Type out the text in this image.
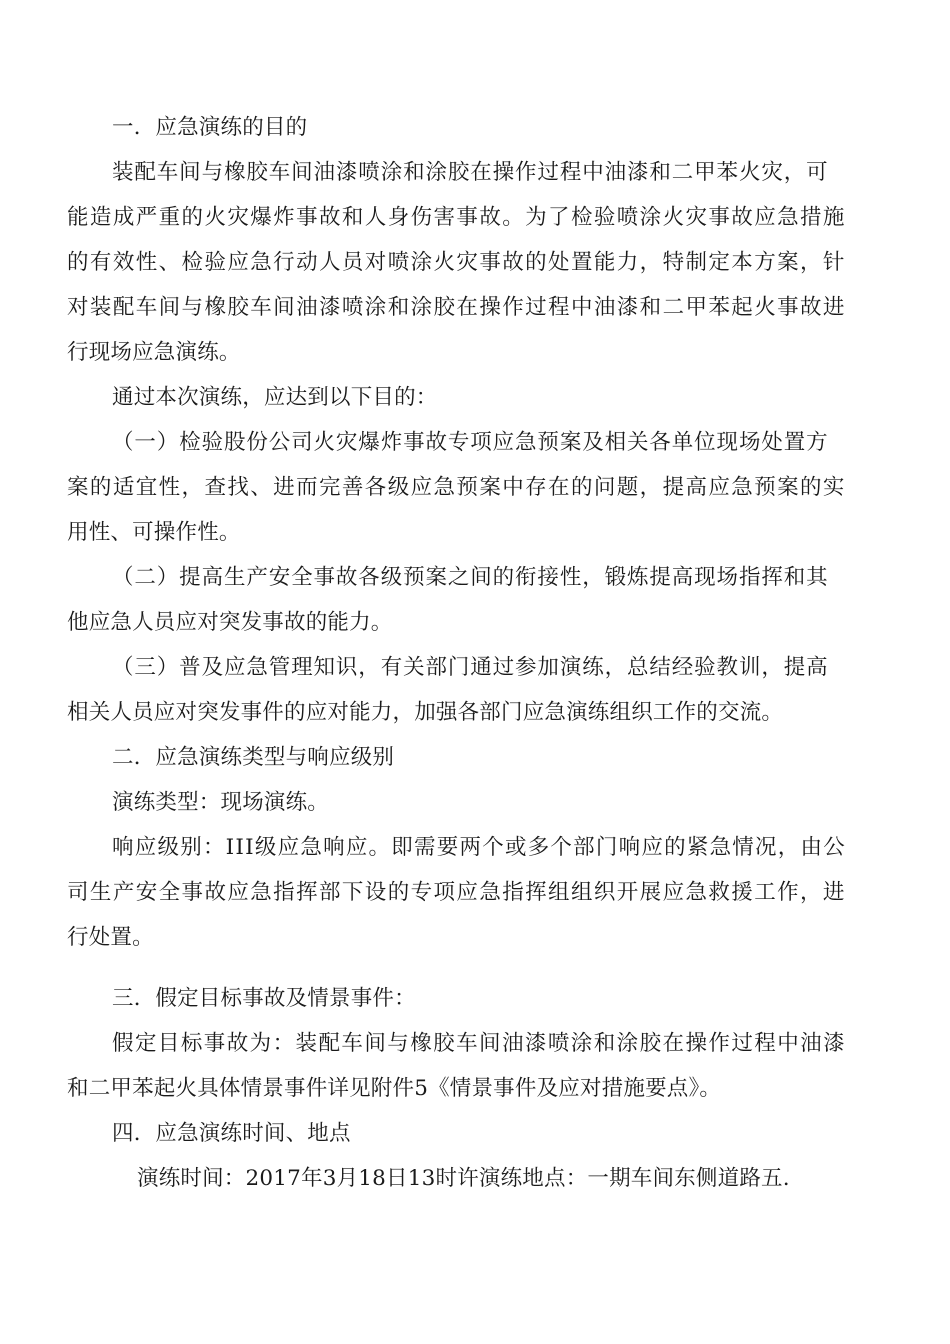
一．应急演练的目的
装 配 车 间 与 橡 胶 车 间 油 漆 喷 涂 和 涂 胶 在 操 作 过 程 中 油 漆 和 二 甲 苯 火 灾 ， 可
能 造 成 严 重 的 火 灾 爆 炸 事 故 和 人 身 伤 害 事 故 。 为 了 检 验 喷 涂 火 灾 事 故 应 急 措 施
的 有 效 性 、 检 验 应 急 行 动 人 员 对 喷 涂 火 灾 事 故 的 处 置 能 力 ， 特 制 定 本 方 案 ， 针
对 装 配 车 间 与 橡 胶 车 间 油 漆 喷 涂 和 涂 胶 在 操 作 过 程 中 油 漆 和 二 甲 苯 起 火 事 故 进
行现场应急演练。
通过本次演练，应达到以下目的：
（ 一 ） 检 验 股 份 公 司 火 灾 爆 炸 事 故 专 项 应 急 预 案 及 相 关 各 单 位 现 场 处 置 方
案 的 适 宜 性 ， 查 找 、 进 而 完 善 各 级 应 急 预 案 中 存 在 的 问 题 ， 提 高 应 急 预 案 的 实
用性、可操作性。
（ 二 ） 提 高 生 产 安 全 事 故 各 级 预 案 之 间 的 衔 接 性 ， 锻 炼 提 高 现 场 指 挥 和 其
他应急人员应对突发事故的能力。
（ 三 ） 普 及 应 急 管 理 知 识 ， 有 关 部 门 通 过 参 加 演 练 ， 总 结 经 验 教 训 ， 提 高
相关人员应对突发事件的应对能力，加强各部门应急演练组织工作的交流。
二．应急演练类型与响应级别
演练类型：现场演练。
响 应 级 别 ： I I I 级 应 急 响 应 。 即 需 要 两 个 或 多 个 部 门 响 应 的 紧 急 情 况 ， 由 公
司 生 产 安 全 事 故 应 急 指 挥 部 下 设 的 专 项 应 急 指 挥 组 组 织 开 展 应 急 救 援 工 作 ， 进
行处置。
三．假定目标事故及情景事件：
假 定 目 标 事 故 为 ： 装 配 车 间 与 橡 胶 车 间 油 漆 喷 涂 和 涂 胶 在 操 作 过 程 中 油 漆
和二甲苯起火具体情景事件详见附件5《情景事件及应对措施要点》。
四．应急演练时间、地点
演练时间：2017年3月18日13时许演练地点：一期车间东侧道路五.
